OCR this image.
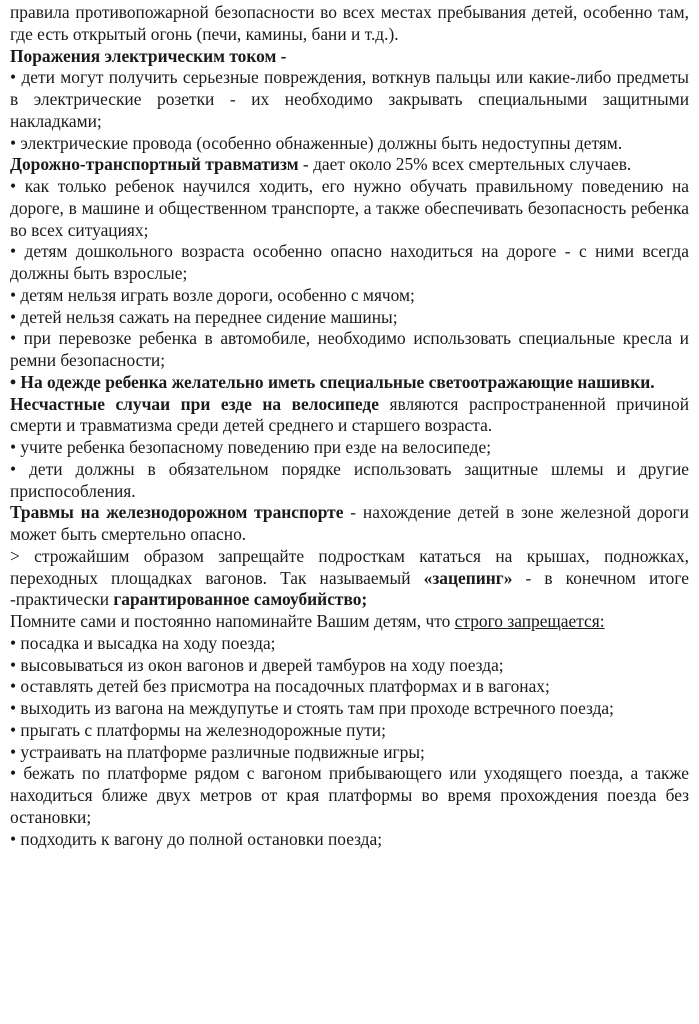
правила противопожарной безопасности во всех местах пребывания детей, особенно там, где есть открытый огонь (печи, камины, бани и т.д.).

Поражения электрическим током -

• дети могут получить серьезные повреждения, воткнув пальцы или какие-либо предметы в электрические розетки - их необходимо закрывать специальными защитными накладками;

• электрические провода (особенно обнаженные) должны быть недоступны детям.

Дорожно-транспортный травматизм - дает около 25% всех смертельных случаев.

• как только ребенок научился ходить, его нужно обучать правильному поведению на дороге, в машине и общественном транспорте, а также обеспечивать безопасность ребенка во всех ситуациях;

• детям дошкольного возраста особенно опасно находиться на дороге - с ними всегда должны быть взрослые;

• детям нельзя играть возле дороги, особенно с мячом;

• детей нельзя сажать на переднее сидение машины;

• при перевозке ребенка в автомобиле, необходимо использовать специальные кресла и ремни безопасности;

• На одежде ребенка желательно иметь специальные светоотражающие нашивки.

Несчастные случаи при езде на велосипеде являются распространенной причиной смерти и травматизма среди детей среднего и старшего возраста.

• учите ребенка безопасному поведению при езде на велосипеде;

• дети должны в обязательном порядке использовать защитные шлемы и другие приспособления.

Травмы на железнодорожном транспорте - нахождение детей в зоне железной дороги может быть смертельно опасно.

> строжайшим образом запрещайте подросткам кататься на крышах, подножках, переходных площадках вагонов. Так называемый «зацепинг» - в конечном итоге -практически гарантированное самоубийство;

Помните сами и постоянно напоминайте Вашим детям, что строго запрещается:

• посадка и высадка на ходу поезда;

• высовываться из окон вагонов и дверей тамбуров на ходу поезда;

• оставлять детей без присмотра на посадочных платформах и в вагонах;

• выходить из вагона на междупутье и стоять там при проходе встречного поезда;

• прыгать с платформы на железнодорожные пути;

• устраивать на платформе различные подвижные игры;

• бежать по платформе рядом с вагоном прибывающего или уходящего поезда, а также находиться ближе двух метров от края платформы во время прохождения поезда без остановки;

• подходить к вагону до полной остановки поезда;
